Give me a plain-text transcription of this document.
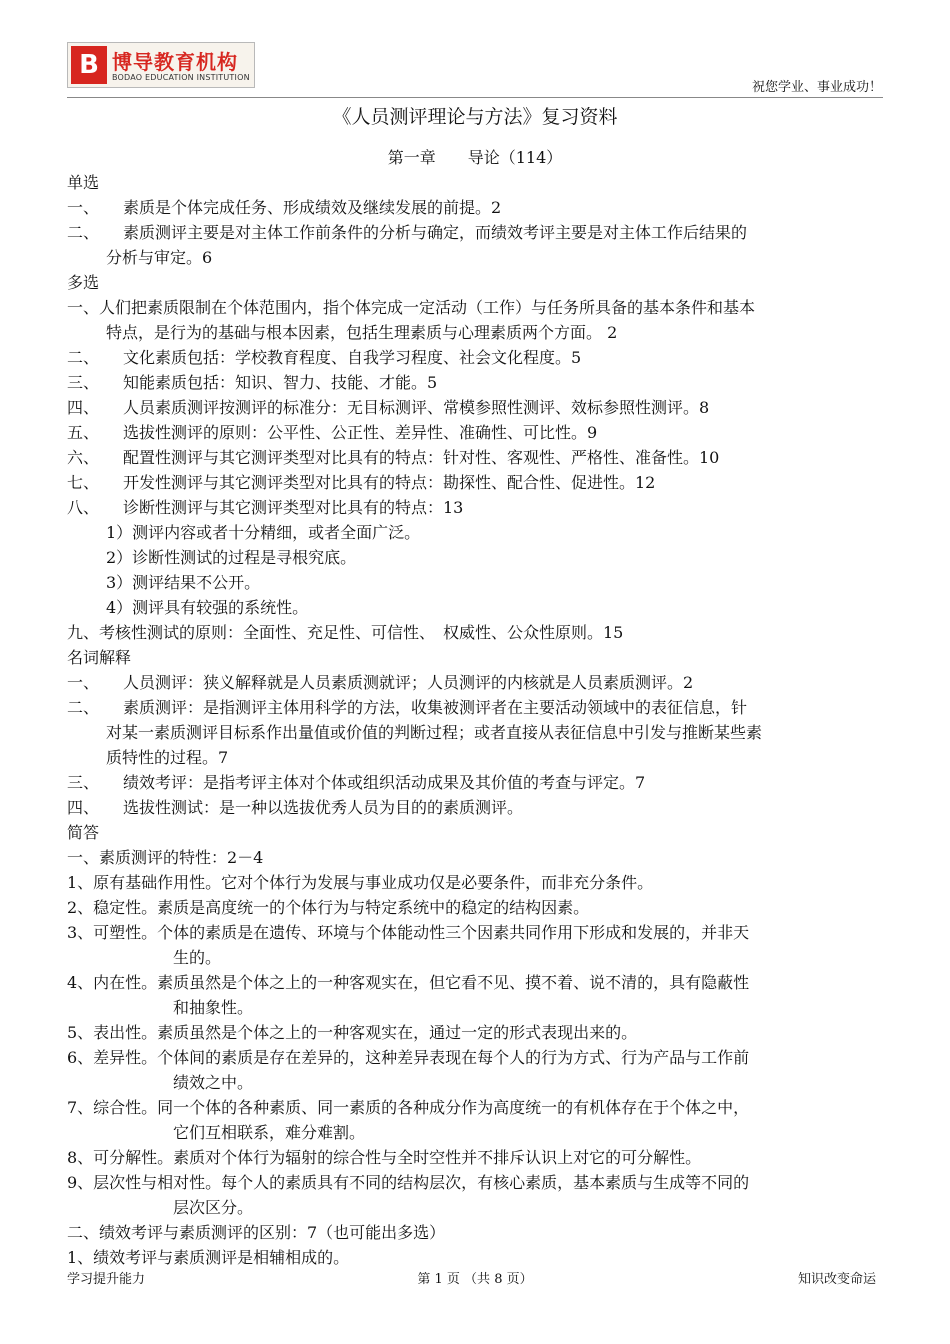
B 博导教育机构
BODAO EDUCATION INSTITUTION
祝您学业、事业成功！
《人员测评理论与方法》复习资料
第一章　　导论（114）
单选
一、　　素质是个体完成任务、形成绩效及继续发展的前提。2
二、　　素质测评主要是对主体工作前条件的分析与确定，而绩效考评主要是对主体工作后结果的
分析与审定。6
多选
一、人们把素质限制在个体范围内，指个体完成一定活动（工作）与任务所具备的基本条件和基本
特点，是行为的基础与根本因素，包括生理素质与心理素质两个方面。 2
二、　　文化素质包括：学校教育程度、自我学习程度、社会文化程度。5
三、　　知能素质包括：知识、智力、技能、才能。5
四、　　人员素质测评按测评的标准分：无目标测评、常模参照性测评、效标参照性测评。8
五、　　选拔性测评的原则：公平性、公正性、差异性、准确性、可比性。9
六、　　配置性测评与其它测评类型对比具有的特点：针对性、客观性、严格性、准备性。10
七、　　开发性测评与其它测评类型对比具有的特点：勘探性、配合性、促进性。12
八、　　诊断性测评与其它测评类型对比具有的特点：13
1）测评内容或者十分精细，或者全面广泛。
2）诊断性测试的过程是寻根究底。
3）测评结果不公开。
4）测评具有较强的系统性。
九、考核性测试的原则：全面性、充足性、可信性、　权威性、公众性原则。15
名词解释
一、　　人员测评：狭义解释就是人员素质测就评；人员测评的内核就是人员素质测评。2
二、　　素质测评：是指测评主体用科学的方法，收集被测评者在主要活动领域中的表征信息，针
对某一素质测评目标系作出量值或价值的判断过程；或者直接从表征信息中引发与推断某些素
质特性的过程。7
三、　　绩效考评：是指考评主体对个体或组织活动成果及其价值的考查与评定。7
四、　　选拔性测试：是一种以选拔优秀人员为目的的素质测评。
简答
一、素质测评的特性：2－4
1、原有基础作用性。它对个体行为发展与事业成功仅是必要条件，而非充分条件。
2、稳定性。素质是高度统一的个体行为与特定系统中的稳定的结构因素。
3、可塑性。个体的素质是在遗传、环境与个体能动性三个因素共同作用下形成和发展的，并非天
生的。
4、内在性。素质虽然是个体之上的一种客观实在，但它看不见、摸不着、说不清的，具有隐蔽性
和抽象性。
5、表出性。素质虽然是个体之上的一种客观实在，通过一定的形式表现出来的。
6、差异性。个体间的素质是存在差异的，这种差异表现在每个人的行为方式、行为产品与工作前
绩效之中。
7、综合性。同一个体的各种素质、同一素质的各种成分作为高度统一的有机体存在于个体之中，
它们互相联系，难分难割。
8、可分解性。素质对个体行为辐射的综合性与全时空性并不排斥认识上对它的可分解性。
9、层次性与相对性。每个人的素质具有不同的结构层次，有核心素质，基本素质与生成等不同的
层次区分。
二、绩效考评与素质测评的区别：7（也可能出多选）
1、绩效考评与素质测评是相辅相成的。
学习提升能力	第 1 页 （共 8 页）	知识改变命运
